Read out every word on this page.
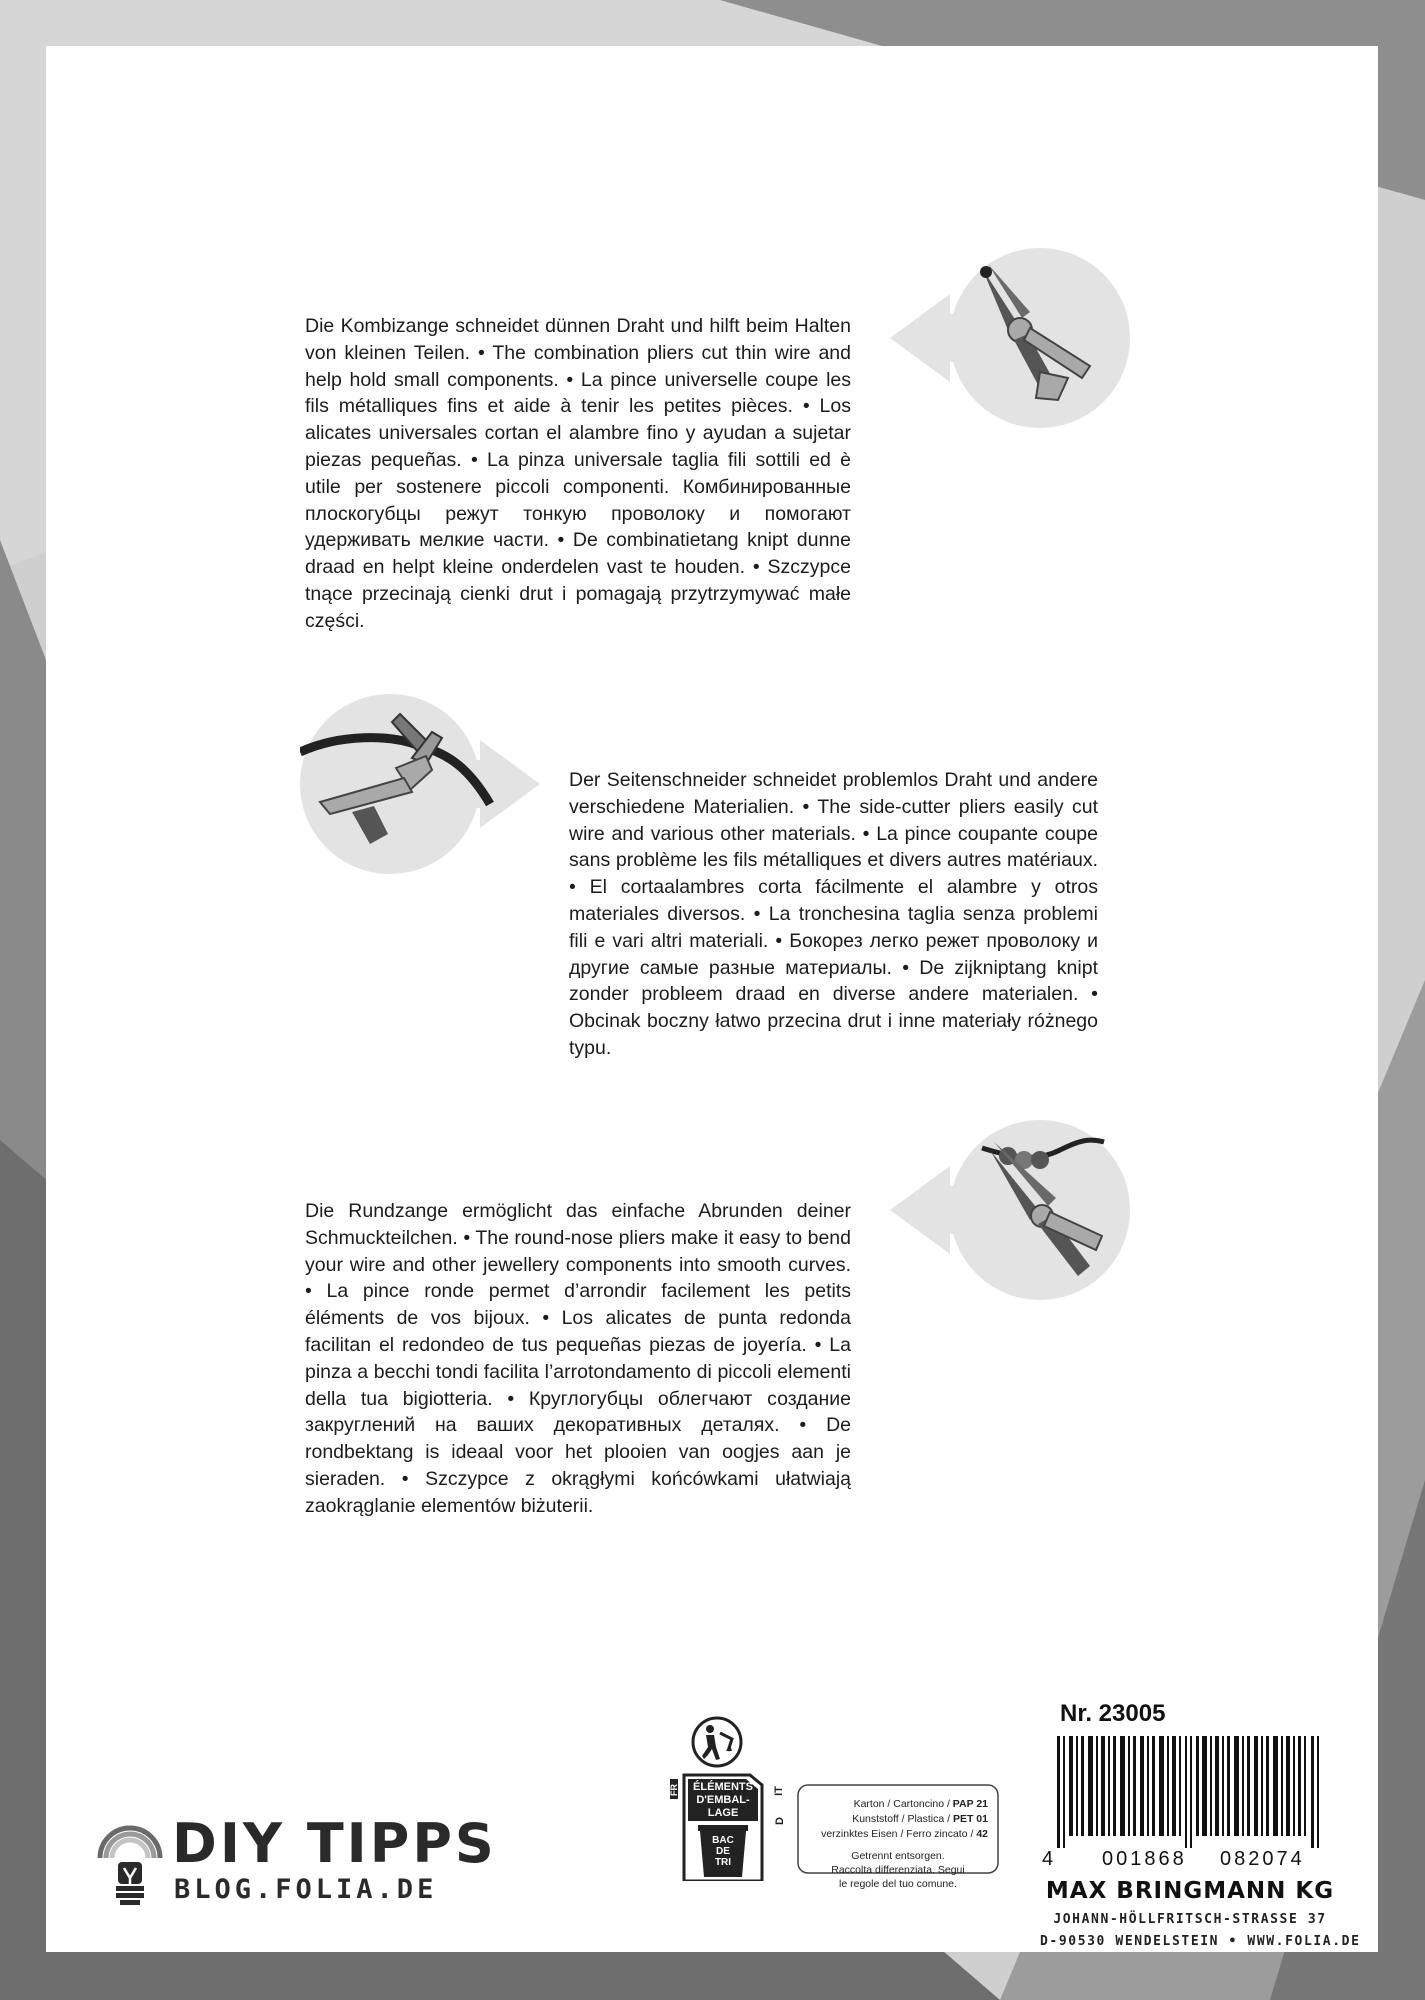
Die Kombizange schneidet dünnen Draht und hilft beim Halten von kleinen Teilen. • The combination pliers cut thin wire and help hold small components. • La pince universelle coupe les fils métalliques fins et aide à tenir les petites pièces. • Los alicates universales cortan el alambre fino y ayudan a sujetar piezas pequeñas. • La pinza universale taglia fili sottili ed è utile per sostenere piccoli componenti. Комбинированные плоскогубцы режут тонкую проволоку и помогают удерживать мелкие части. • De combinatietang knipt dunne draad en helpt kleine onderdelen vast te houden. • Szczypce tnące przecinają cienki drut i pomagają przytrzymywać małe części.

Der Seitenschneider schneidet problemlos Draht und andere verschiedene Materialien. • The side-cutter pliers easily cut wire and various other materials. • La pince coupante coupe sans problème les fils métalliques et divers autres matériaux. • El cortaalambres corta fácilmente el alambre y otros materiales diversos. • La tronchesina taglia senza problemi fili e vari altri materiali. • Бокорез легко режет проволоку и другие самые разные материалы. • De zijkniptang knipt zonder probleem draad en diverse andere materialen. • Obcinak boczny łatwo przecina drut i inne materiały różnego typu.

Die Rundzange ermöglicht das einfache Abrunden deiner Schmuckteilchen. • The round-nose pliers make it easy to bend your wire and other jewellery components into smooth curves. • La pince ronde permet d’arrondir facilement les petits éléments de vos bijoux. • Los alicates de punta redonda facilitan el redondeo de tus pequeñas piezas de joyería. • La pinza a becchi tondi facilita l’arrotondamento di piccoli elementi della tua bigiotteria. • Круглогубцы облегчают создание закруглений на ваших декоративных деталях. • De rondbektang is ideaal voor het plooien van oogjes aan je sieraden. • Szczypce z okrągłymi końcówkami ułatwiają zaokrąglanie elementów biżuterii.

DIY TIPPS
BLOG.FOLIA.DE
FR	ÉLÉMENTS
D'EMBAL-
LAGE
BAC
DE
TRI
D
IT
Karton / Cartoncino / PAP 21
Kunststoff / Plastica / PET 01
verzinktes Eisen / Ferro zincato / 42
Getrennt entsorgen.
Raccolta differenziata. Segui
le regole del tuo comune.
Nr. 23005
4 001868 082074
MAX BRINGMANN KG
JOHANN-HÖLLFRITSCH-STRASSE 37
D-90530 WENDELSTEIN • WWW.FOLIA.DE
